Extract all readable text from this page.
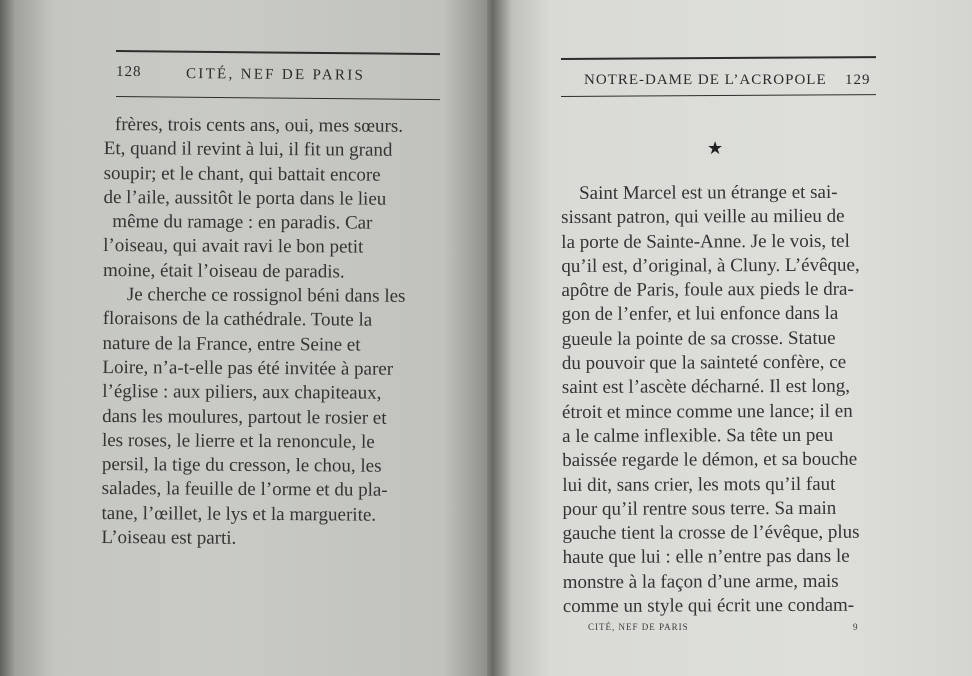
128	CITÉ, NEF DE PARIS
frères, trois cents ans, oui, mes sœurs.
Et, quand il revint à lui, il fit un grand
soupir; et le chant, qui battait encore
de l’aile, aussitôt le porta dans le lieu
même du ramage : en paradis. Car
l’oiseau, qui avait ravi le bon petit
moine, était l’oiseau de paradis.
Je cherche ce rossignol béni dans les
floraisons de la cathédrale. Toute la
nature de la France, entre Seine et
Loire, n’a-t-elle pas été invitée à parer
l’église : aux piliers, aux chapiteaux,
dans les moulures, partout le rosier et
les roses, le lierre et la renoncule, le
persil, la tige du cresson, le chou, les
salades, la feuille de l’orme et du pla-
tane, l’œillet, le lys et la marguerite.
L’oiseau est parti.
NOTRE-DAME DE L’ACROPOLE 129
★
Saint Marcel est un étrange et sai-
sissant patron, qui veille au milieu de
la porte de Sainte-Anne. Je le vois, tel
qu’il est, d’original, à Cluny. L’évêque,
apôtre de Paris, foule aux pieds le dra-
gon de l’enfer, et lui enfonce dans la
gueule la pointe de sa crosse. Statue
du pouvoir que la sainteté confère, ce
saint est l’ascète décharné. Il est long,
étroit et mince comme une lance; il en
a le calme inflexible. Sa tête un peu
baissée regarde le démon, et sa bouche
lui dit, sans crier, les mots qu’il faut
pour qu’il rentre sous terre. Sa main
gauche tient la crosse de l’évêque, plus
haute que lui : elle n’entre pas dans le
monstre à la façon d’une arme, mais
comme un style qui écrit une condam-
CITÉ, NEF DE PARIS	9
